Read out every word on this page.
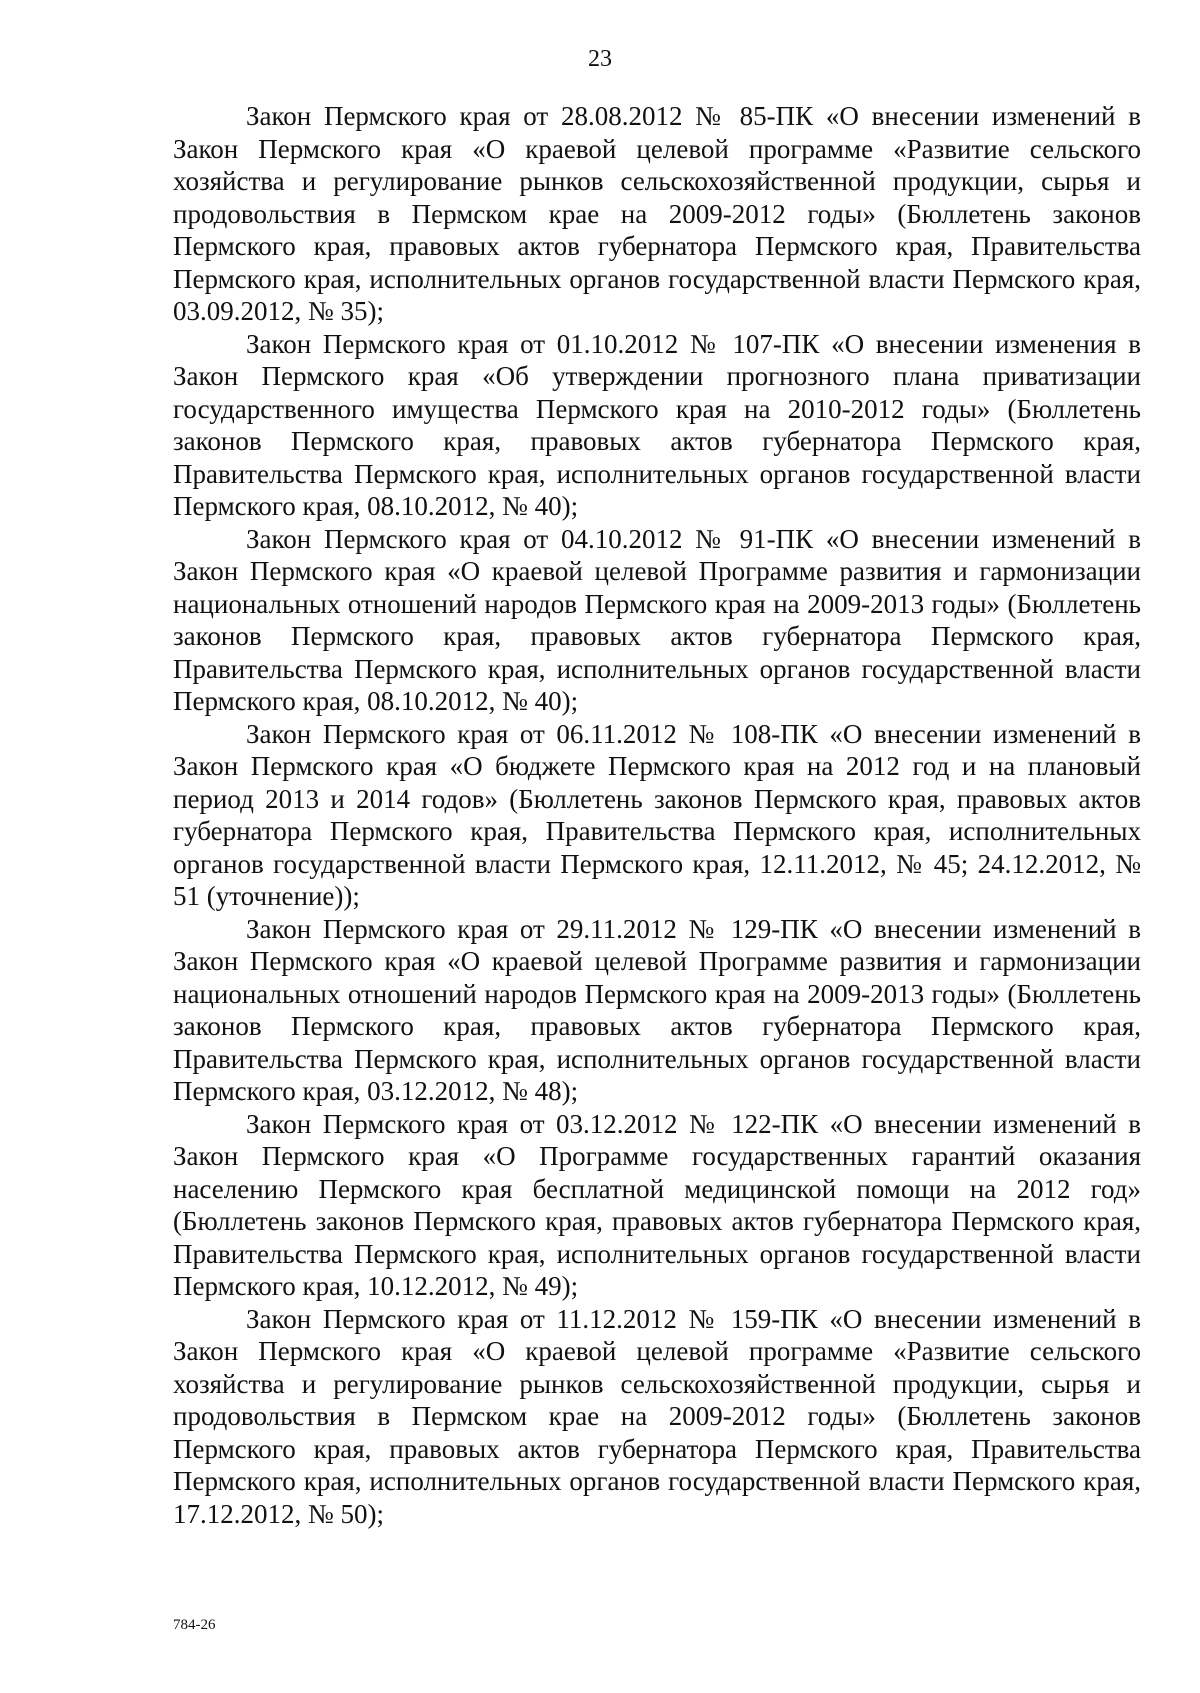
23

Закон Пермского края от 28.08.2012 № 85-ПК «О внесении изменений в Закон Пермского края «О краевой целевой программе «Развитие сельского хозяйства и регулирование рынков сельскохозяйственной продукции, сырья и продовольствия в Пермском крае на 2009-2012 годы» (Бюллетень законов Пермского края, правовых актов губернатора Пермского края, Правительства Пермского края, исполнительных органов государственной власти Пермского края, 03.09.2012, № 35);

Закон Пермского края от 01.10.2012 № 107-ПК «О внесении изменения в Закон Пермского края «Об утверждении прогнозного плана приватизации государственного имущества Пермского края на 2010-2012 годы» (Бюллетень законов Пермского края, правовых актов губернатора Пермского края, Правительства Пермского края, исполнительных органов государственной власти Пермского края, 08.10.2012, № 40);

Закон Пермского края от 04.10.2012 № 91-ПК «О внесении изменений в Закон Пермского края «О краевой целевой Программе развития и гармонизации национальных отношений народов Пермского края на 2009-2013 годы» (Бюллетень законов Пермского края, правовых актов губернатора Пермского края, Правительства Пермского края, исполнительных органов государственной власти Пермского края, 08.10.2012, № 40);

Закон Пермского края от 06.11.2012 № 108-ПК «О внесении изменений в Закон Пермского края «О бюджете Пермского края на 2012 год и на плановый период 2013 и 2014 годов» (Бюллетень законов Пермского края, правовых актов губернатора Пермского края, Правительства Пермского края, исполнительных органов государственной власти Пермского края, 12.11.2012, № 45; 24.12.2012, № 51 (уточнение));

Закон Пермского края от 29.11.2012 № 129-ПК «О внесении изменений в Закон Пермского края «О краевой целевой Программе развития и гармонизации национальных отношений народов Пермского края на 2009-2013 годы» (Бюллетень законов Пермского края, правовых актов губернатора Пермского края, Правительства Пермского края, исполнительных органов государственной власти Пермского края, 03.12.2012, № 48);

Закон Пермского края от 03.12.2012 № 122-ПК «О внесении изменений в Закон Пермского края «О Программе государственных гарантий оказания населению Пермского края бесплатной медицинской помощи на 2012 год» (Бюллетень законов Пермского края, правовых актов губернатора Пермского края, Правительства Пермского края, исполнительных органов государственной власти Пермского края, 10.12.2012, № 49);

Закон Пермского края от 11.12.2012 № 159-ПК «О внесении изменений в Закон Пермского края «О краевой целевой программе «Развитие сельского хозяйства и регулирование рынков сельскохозяйственной продукции, сырья и продовольствия в Пермском крае на 2009-2012 годы» (Бюллетень законов Пермского края, правовых актов губернатора Пермского края, Правительства Пермского края, исполнительных органов государственной власти Пермского края, 17.12.2012, № 50);

784-26
